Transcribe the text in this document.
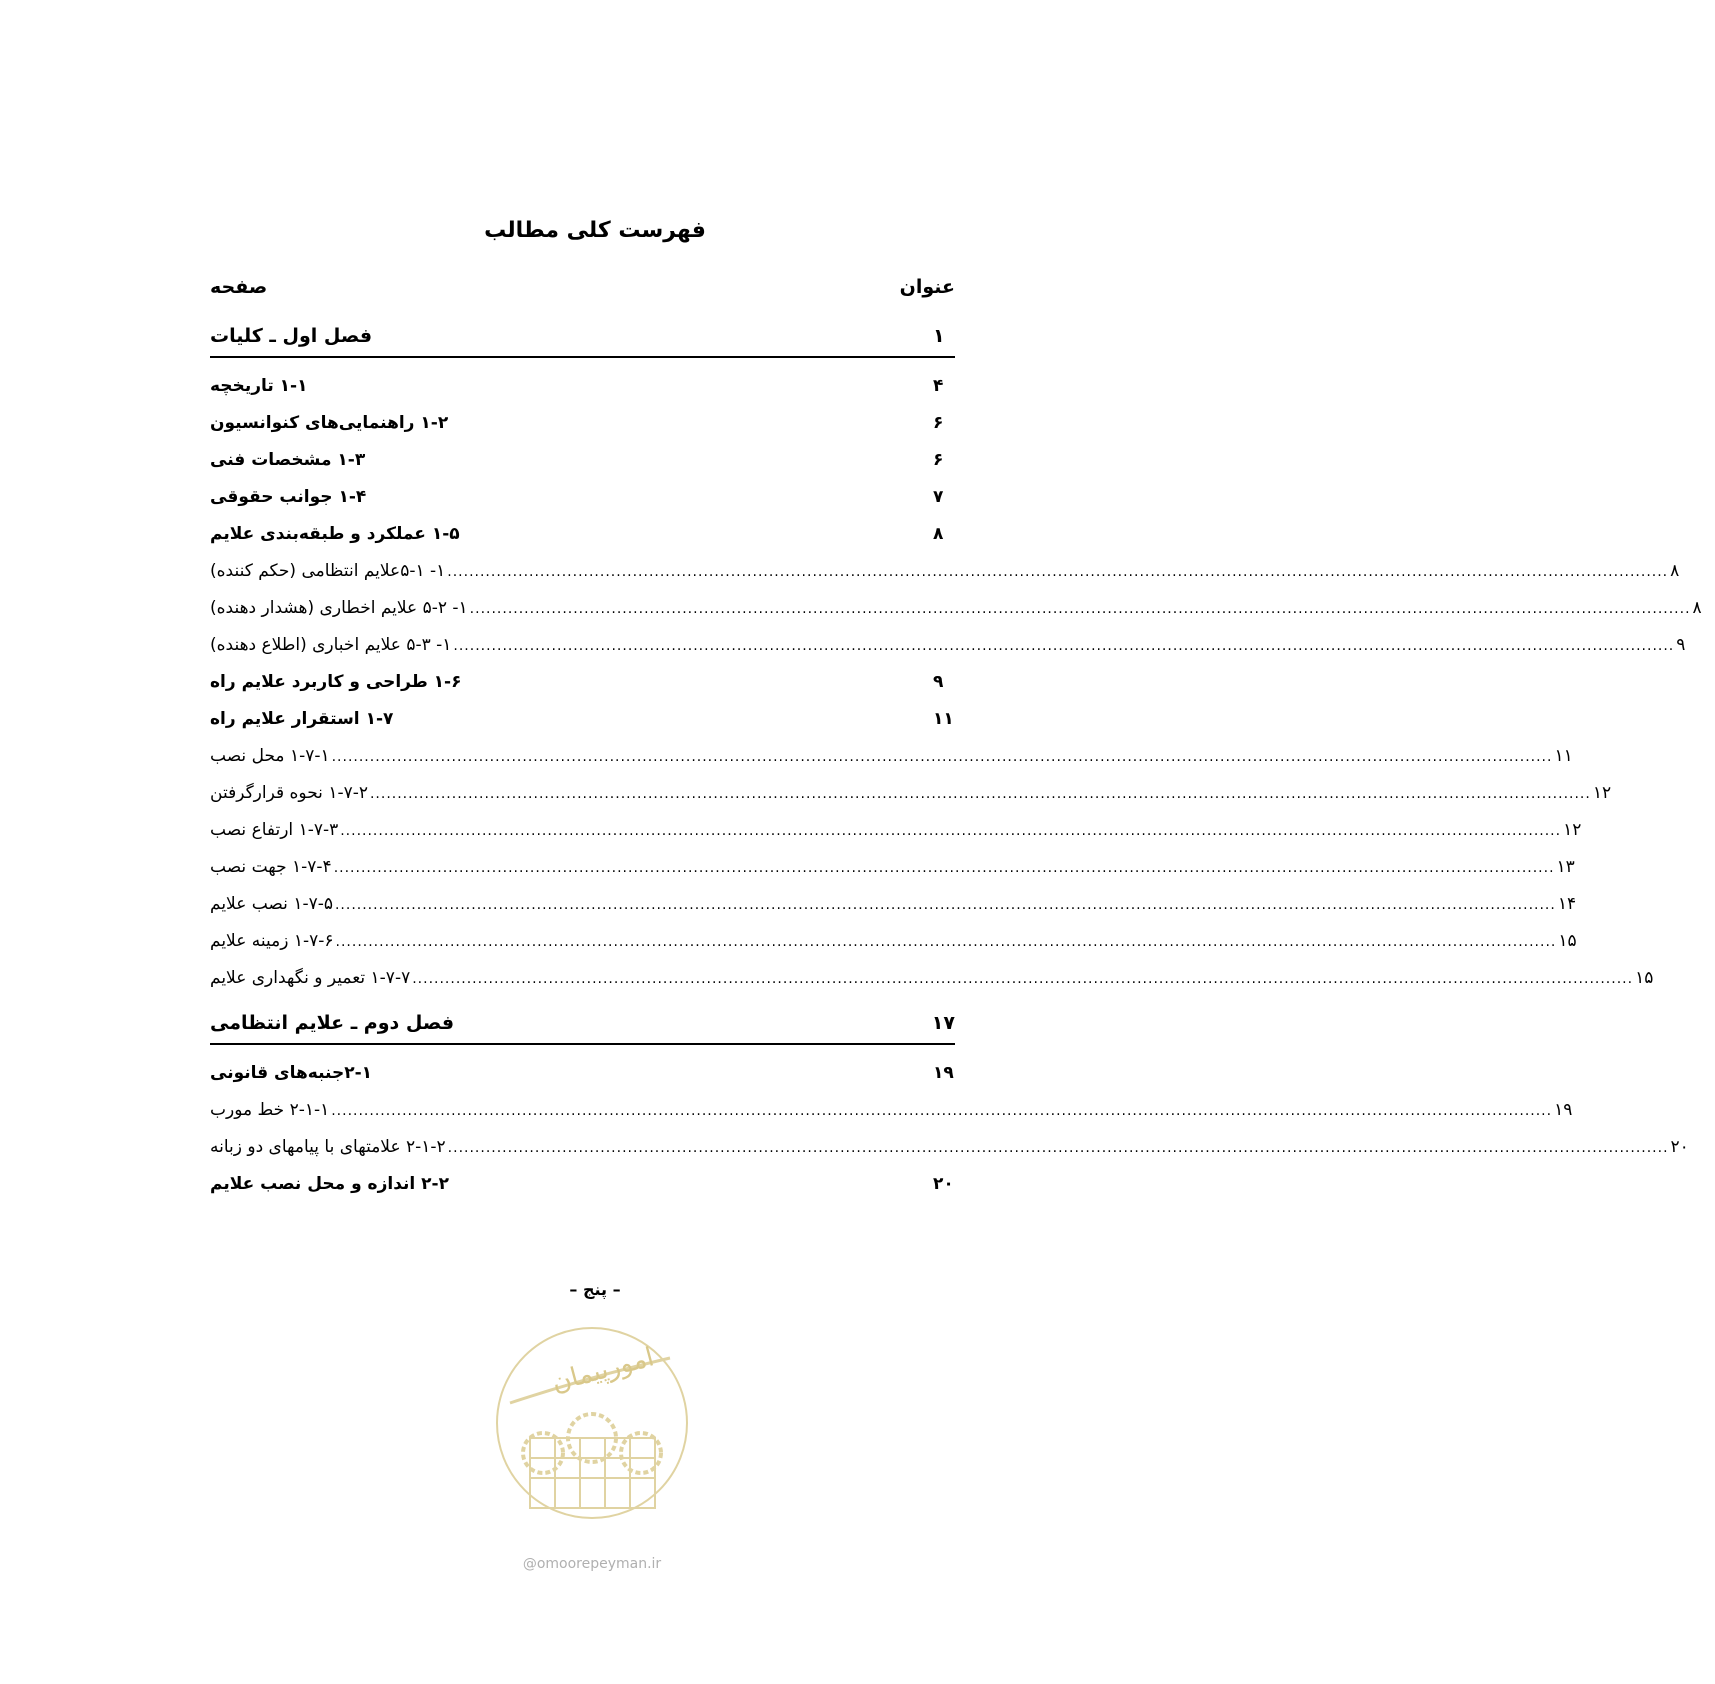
فهرست کلی مطالب
عنوان
صفحه
فصل اول ـ کلیات	۱
۱-۱ تاریخچه	۴
۱-۲ راهنمایی‌های کنوانسیون	۶
۱-۳ مشخصات فنی	۶
۱-۴ جوانب حقوقی	۷
۱-۵ عملکرد و طبقه‌بندی علایم	۸
۱- ۵-۱علایم انتظامی (حکم کننده) ................................................................................................................................................................................................................................ ۸
۱- ۵-۲ علایم اخطاری (هشدار دهنده) ................................................................................................................................................................................................................................ ۸
۱- ۵-۳ علایم اخباری (اطلاع دهنده) ................................................................................................................................................................................................................................ ۹
۱-۶ طراحی و کاربرد علایم راه	۹
۱-۷ استقرار علایم راه	۱۱
۱-۷-۱ محل نصب ................................................................................................................................................................................................................................ ۱۱
۱-۷-۲ نحوه قرارگرفتن ................................................................................................................................................................................................................................ ۱۲
۱-۷-۳ ارتفاع نصب ................................................................................................................................................................................................................................ ۱۲
۱-۷-۴ جهت نصب ................................................................................................................................................................................................................................ ۱۳
۱-۷-۵ نصب علایم ................................................................................................................................................................................................................................ ۱۴
۱-۷-۶ زمینه علایم ................................................................................................................................................................................................................................ ۱۵
۱-۷-۷ تعمیر و نگهداری علایم ................................................................................................................................................................................................................................ ۱۵
فصل دوم ـ علایم انتظامی	۱۷
۲-۱جنبه‌های قانونی	۱۹
۲-۱-۱ خط مورب ................................................................................................................................................................................................................................ ۱۹
۲-۱-۲ علامتهای با پیامهای دو زبانه ................................................................................................................................................................................................................................ ۲۰
۲-۲ اندازه و محل نصب علایم	۲۰
– پنج –
امورپیمان
@omoorepeyman.ir
